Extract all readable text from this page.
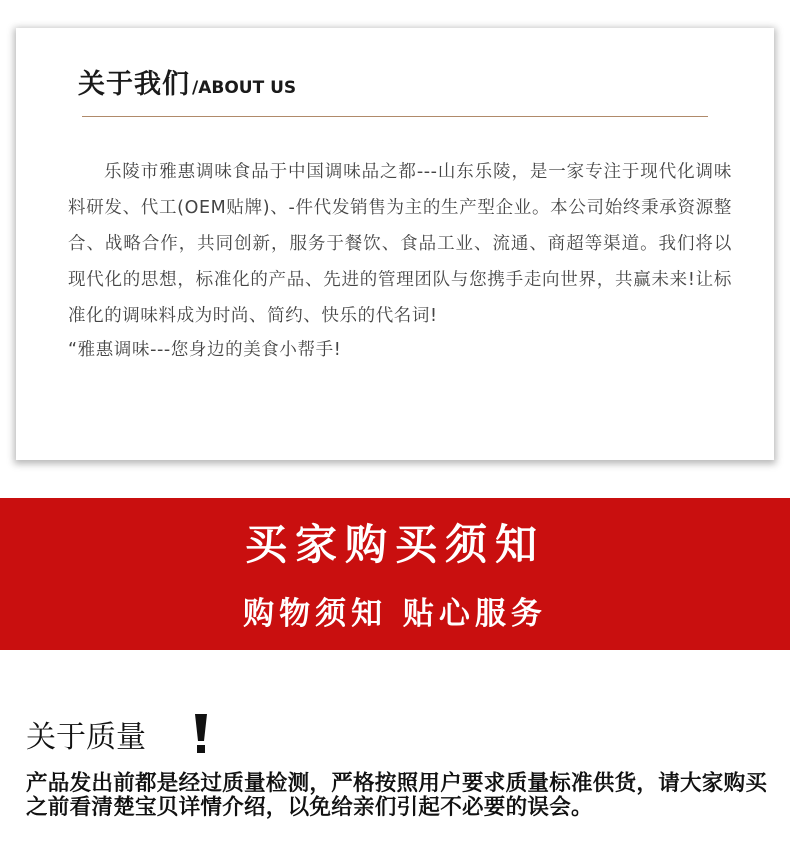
关于我们 /ABOUT US

乐陵市雅惠调味食品于中国调味品之都---山东乐陵，是一家专注于现代化调味料研发、代工(OEM贴牌)、-件代发销售为主的生产型企业。本公司始终秉承资源整合、战略合作，共同创新，服务于餐饮、食品工业、流通、商超等渠道。我们将以现代化的思想，标准化的产品、先进的管理团队与您携手走向世界，共赢未来!让标准化的调味料成为时尚、简约、快乐的代名词!

“雅惠调味---您身边的美食小帮手!

买家购买须知
购物须知 贴心服务
关于质量
产品发出前都是经过质量检测，严格按照用户要求质量标准供货，请大家购买之前看清楚宝贝详情介绍，以免给亲们引起不必要的误会。
